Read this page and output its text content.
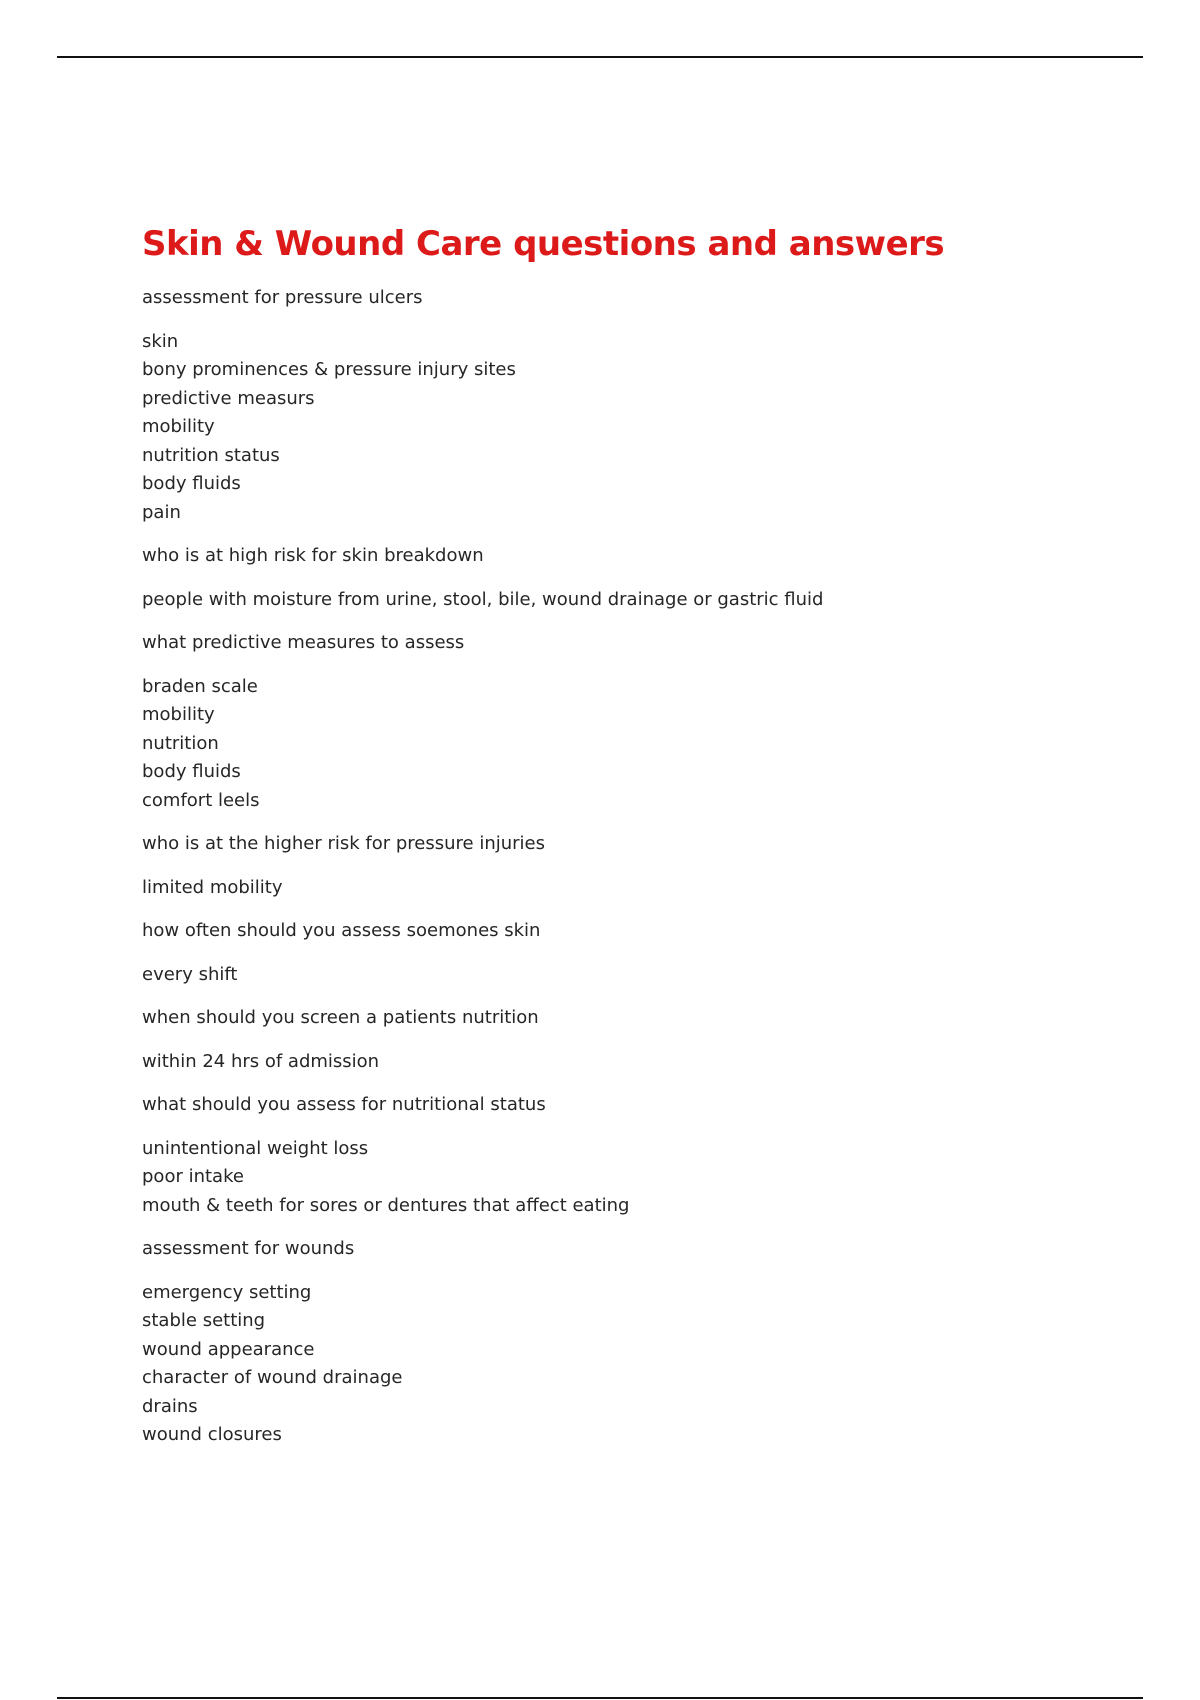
Skin & Wound Care questions and answers
assessment for pressure ulcers
skin
bony prominences & pressure injury sites
predictive measurs
mobility
nutrition status
body fluids
pain
who is at high risk for skin breakdown
people with moisture from urine, stool, bile, wound drainage or gastric fluid
what predictive measures to assess
braden scale
mobility
nutrition
body fluids
comfort leels
who is at the higher risk for pressure injuries
limited mobility
how often should you assess soemones skin
every shift
when should you screen a patients nutrition
within 24 hrs of admission
what should you assess for nutritional status
unintentional weight loss
poor intake
mouth & teeth for sores or dentures that affect eating
assessment for wounds
emergency setting
stable setting
wound appearance
character of wound drainage
drains
wound closures
